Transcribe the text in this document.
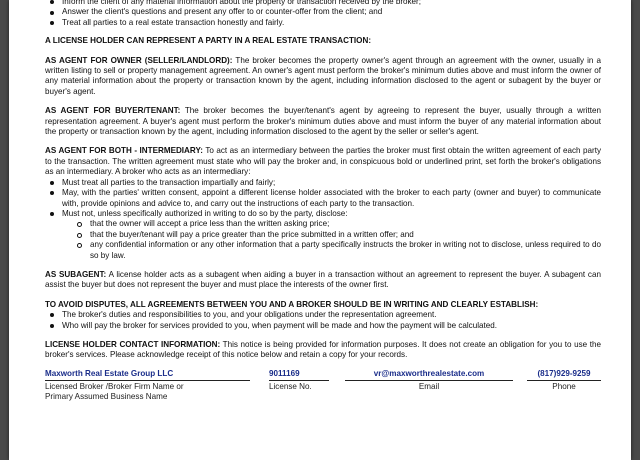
Inform the client of any material information about the property or transaction received by the broker;
Answer the client's questions and present any offer to or counter-offer from the client; and
Treat all parties to a real estate transaction honestly and fairly.

A LICENSE HOLDER CAN REPRESENT A PARTY IN A REAL ESTATE TRANSACTION:

AS AGENT FOR OWNER (SELLER/LANDLORD): The broker becomes the property owner's agent through an agreement with the owner, usually in a written listing to sell or property management agreement. An owner's agent must perform the broker's minimum duties above and must inform the owner of any material information about the property or transaction known by the agent, including information disclosed to the agent or subagent by the buyer or buyer's agent.

AS AGENT FOR BUYER/TENANT: The broker becomes the buyer/tenant's agent by agreeing to represent the buyer, usually through a written representation agreement. A buyer's agent must perform the broker's minimum duties above and must inform the buyer of any material information about the property or transaction known by the agent, including information disclosed to the agent by the seller or seller's agent.

AS AGENT FOR BOTH - INTERMEDIARY: To act as an intermediary between the parties the broker must first obtain the written agreement of each party to the transaction. The written agreement must state who will pay the broker and, in conspicuous bold or underlined print, set forth the broker's obligations as an intermediary. A broker who acts as an intermediary:

Must treat all parties to the transaction impartially and fairly;
May, with the parties' written consent, appoint a different license holder associated with the broker to each party (owner and buyer) to communicate with, provide opinions and advice to, and carry out the instructions of each party to the transaction.
Must not, unless specifically authorized in writing to do so by the party, disclose:
that the owner will accept a price less than the written asking price;
that the buyer/tenant will pay a price greater than the price submitted in a written offer; and
any confidential information or any other information that a party specifically instructs the broker in writing not to disclose, unless required to do so by law.

AS SUBAGENT: A license holder acts as a subagent when aiding a buyer in a transaction without an agreement to represent the buyer. A subagent can assist the buyer but does not represent the buyer and must place the interests of the owner first.

TO AVOID DISPUTES, ALL AGREEMENTS BETWEEN YOU AND A BROKER SHOULD BE IN WRITING AND CLEARLY ESTABLISH:

The broker's duties and responsibilities to you, and your obligations under the representation agreement.
Who will pay the broker for services provided to you, when payment will be made and how the payment will be calculated.

LICENSE HOLDER CONTACT INFORMATION: This notice is being provided for information purposes. It does not create an obligation for you to use the broker's services. Please acknowledge receipt of this notice below and retain a copy for your records.

Maxworth Real Estate Group LLC
Licensed Broker /Broker Firm Name or
Primary Assumed Business Name
9011169
License No.
vr@maxworthrealestate.com
Email
(817)929-9259
Phone
